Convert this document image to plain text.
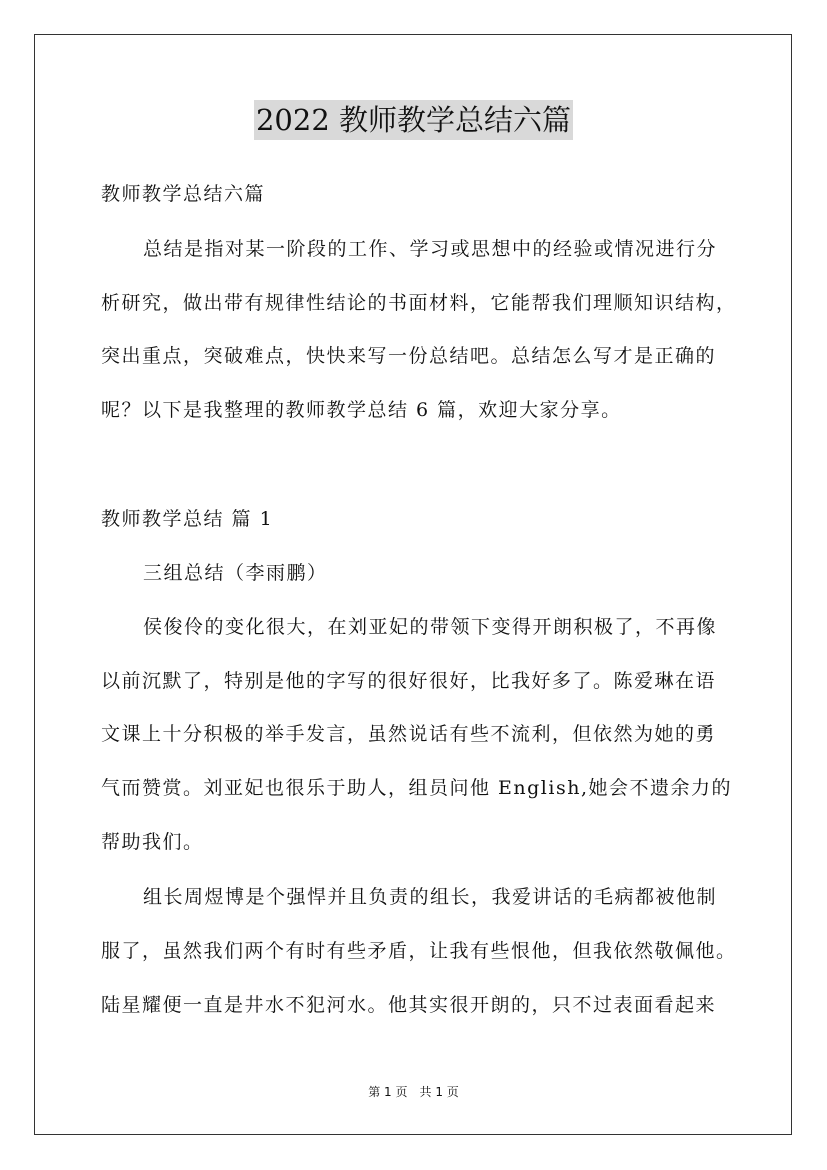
2022 教师教学总结六篇
教师教学总结六篇
总结是指对某一阶段的工作、学习或思想中的经验或情况进行分
析研究，做出带有规律性结论的书面材料，它能帮我们理顺知识结构，
突出重点，突破难点，快快来写一份总结吧。总结怎么写才是正确的
呢？以下是我整理的教师教学总结 6 篇，欢迎大家分享。
教师教学总结 篇 1
三组总结（李雨鹏）
侯俊伶的变化很大，在刘亚妃的带领下变得开朗积极了，不再像
以前沉默了，特别是他的字写的很好很好，比我好多了。陈爱琳在语
文课上十分积极的举手发言，虽然说话有些不流利，但依然为她的勇
气而赞赏。刘亚妃也很乐于助人，组员问他 English,她会不遗余力的
帮助我们。
组长周煜博是个强悍并且负责的组长，我爱讲话的毛病都被他制
服了，虽然我们两个有时有些矛盾，让我有些恨他，但我依然敬佩他。
陆星耀便一直是井水不犯河水。他其实很开朗的，只不过表面看起来
第 1 页　共 1 页
